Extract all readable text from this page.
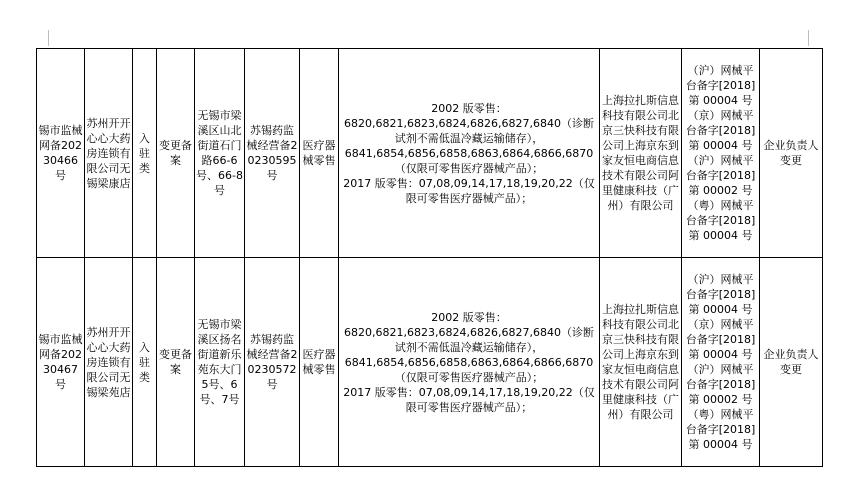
锡市监械网备20230466号	苏州开开心心大药房连锁有限公司无锡梁康店	入驻类	变更备案	无锡市梁溪区山北街道石门路66-6号、66-8号	苏锡药监械经营备20230595号	医疗器械零售	2002 版零售：
6820,6821,6823,6824,6826,6827,6840（诊断试剂不需低温冷藏运输储存），
6841,6854,6856,6858,6863,6864,6866,6870（仅限可零售医疗器械产品）；
2017 版零售：07,08,09,14,17,18,19,20,22（仅限可零售医疗器械产品）；	上海拉扎斯信息科技有限公司北京三快科技有限公司上海京东到家友恒电商信息技术有限公司阿里健康科技（广州）有限公司	（沪）网械平台备字[2018]第 00004 号（京）网械平台备字[2018]第 00004 号（沪）网械平台备字[2018]第 00002 号（粤）网械平台备字[2018]第 00004 号	企业负责人变更
锡市监械网备20230467号	苏州开开心心大药房连锁有限公司无锡梁苑店	入驻类	变更备案	无锡市梁溪区扬名街道新乐苑东大门5号、6号、7号	苏锡药监械经营备20230572号	医疗器械零售	2002 版零售：
6820,6821,6823,6824,6826,6827,6840（诊断试剂不需低温冷藏运输储存），
6841,6854,6856,6858,6863,6864,6866,6870（仅限可零售医疗器械产品）；
2017 版零售：07,08,09,14,17,18,19,20,22（仅限可零售医疗器械产品）；	上海拉扎斯信息科技有限公司北京三快科技有限公司上海京东到家友恒电商信息技术有限公司阿里健康科技（广州）有限公司	（沪）网械平台备字[2018]第 00004 号（京）网械平台备字[2018]第 00004 号（沪）网械平台备字[2018]第 00002 号（粤）网械平台备字[2018]第 00004 号	企业负责人变更
